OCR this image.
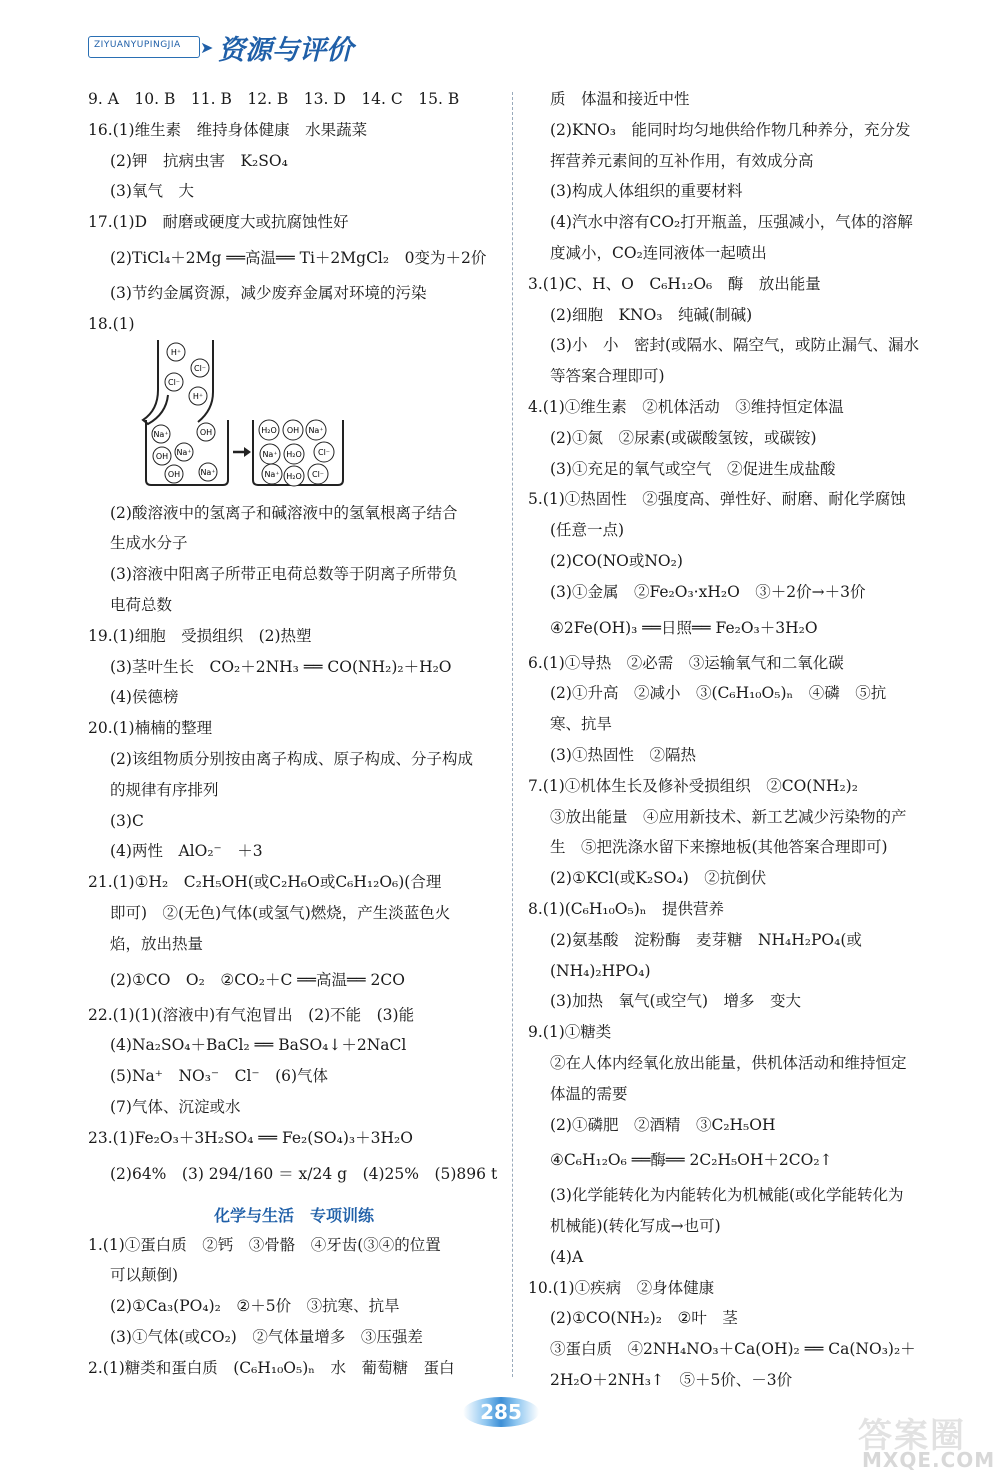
ZIYUANYUPINGJIA ➤ 资源与评价
9. A　10. B　11. B　12. B　13. D　14. C　15. B
16.(1)维生素　维持身体健康　水果蔬菜
(2)钾　抗病虫害　K₂SO₄
(3)氧气　大
17.(1)D　耐磨或硬度大或抗腐蚀性好
(2)TiCl₄＋2Mg ══高温══ Ti＋2MgCl₂　0变为＋2价
(3)节约金属资源，减少废弃金属对环境的污染
18.(1)
H⁺
Cl⁻
Cl⁻
H⁺
Na⁺	OH
OH Na⁺
OH	Na⁺
H₂O OH Na⁺
Na⁺ H₂O
Na⁺
Cl⁻
H₂O Cl⁻
(2)酸溶液中的氢离子和碱溶液中的氢氧根离子结合
生成水分子
(3)溶液中阳离子所带正电荷总数等于阴离子所带负
电荷总数
19.(1)细胞　受损组织　(2)热塑
(3)茎叶生长　CO₂＋2NH₃ ══ CO(NH₂)₂＋H₂O
(4)侯德榜
20.(1)楠楠的整理
(2)该组物质分别按由离子构成、原子构成、分子构成
的规律有序排列
(3)C
(4)两性　AlO₂⁻　＋3
21.(1)①H₂　C₂H₅OH(或C₂H₆O或C₆H₁₂O₆)(合理
即可)　②(无色)气体(或氢气)燃烧，产生淡蓝色火
焰，放出热量
(2)①CO　O₂　②CO₂＋C ══高温══ 2CO
22.(1)(1)(溶液中)有气泡冒出　(2)不能　(3)能
(4)Na₂SO₄＋BaCl₂ ══ BaSO₄↓＋2NaCl
(5)Na⁺　NO₃⁻　Cl⁻　(6)气体
(7)气体、沉淀或水
23.(1)Fe₂O₃＋3H₂SO₄ ══ Fe₂(SO₄)₃＋3H₂O
(2)64%　(3) 294/160 ＝ x/24 g　(4)25%　(5)896 t
化学与生活　专项训练
1.(1)①蛋白质　②钙　③骨骼　④牙齿(③④的位置
可以颠倒)
(2)①Ca₃(PO₄)₂　②＋5价　③抗寒、抗旱
(3)①气体(或CO₂)　②气体量增多　③压强差
2.(1)糖类和蛋白质　(C₆H₁₀O₅)ₙ　水　葡萄糖　蛋白
质　体温和接近中性
(2)KNO₃　能同时均匀地供给作物几种养分，充分发
挥营养元素间的互补作用，有效成分高
(3)构成人体组织的重要材料
(4)汽水中溶有CO₂打开瓶盖，压强减小，气体的溶解
度减小，CO₂连同液体一起喷出
3.(1)C、H、O　C₆H₁₂O₆　酶　放出能量
(2)细胞　KNO₃　纯碱(制碱)
(3)小　小　密封(或隔水、隔空气，或防止漏气、漏水
等答案合理即可)
4.(1)①维生素　②机体活动　③维持恒定体温
(2)①氮　②尿素(或碳酸氢铵，或碳铵)
(3)①充足的氧气或空气　②促进生成盐酸
5.(1)①热固性　②强度高、弹性好、耐磨、耐化学腐蚀
(任意一点)
(2)CO(NO或NO₂)
(3)①金属　②Fe₂O₃·xH₂O　③＋2价→＋3价
④2Fe(OH)₃ ══日照══ Fe₂O₃＋3H₂O
6.(1)①导热　②必需　③运输氧气和二氧化碳
(2)①升高　②减小　③(C₆H₁₀O₅)ₙ　④磷　⑤抗
寒、抗旱
(3)①热固性　②隔热
7.(1)①机体生长及修补受损组织　②CO(NH₂)₂
③放出能量　④应用新技术、新工艺减少污染物的产
生　⑤把洗涤水留下来擦地板(其他答案合理即可)
(2)①KCl(或K₂SO₄)　②抗倒伏
8.(1)(C₆H₁₀O₅)ₙ　提供营养
(2)氨基酸　淀粉酶　麦芽糖　NH₄H₂PO₄(或
(NH₄)₂HPO₄)
(3)加热　氧气(或空气)　增多　变大
9.(1)①糖类
②在人体内经氧化放出能量，供机体活动和维持恒定
体温的需要
(2)①磷肥　②酒精　③C₂H₅OH
④C₆H₁₂O₆ ══酶══ 2C₂H₅OH＋2CO₂↑
(3)化学能转化为内能转化为机械能(或化学能转化为
机械能)(转化写成→也可)
(4)A
10.(1)①疾病　②身体健康
(2)①CO(NH₂)₂　②叶　茎
③蛋白质　④2NH₄NO₃＋Ca(OH)₂ ══ Ca(NO₃)₂＋
2H₂O＋2NH₃↑　⑤＋5价、－3价
285
答案圈
MXQE.COM
